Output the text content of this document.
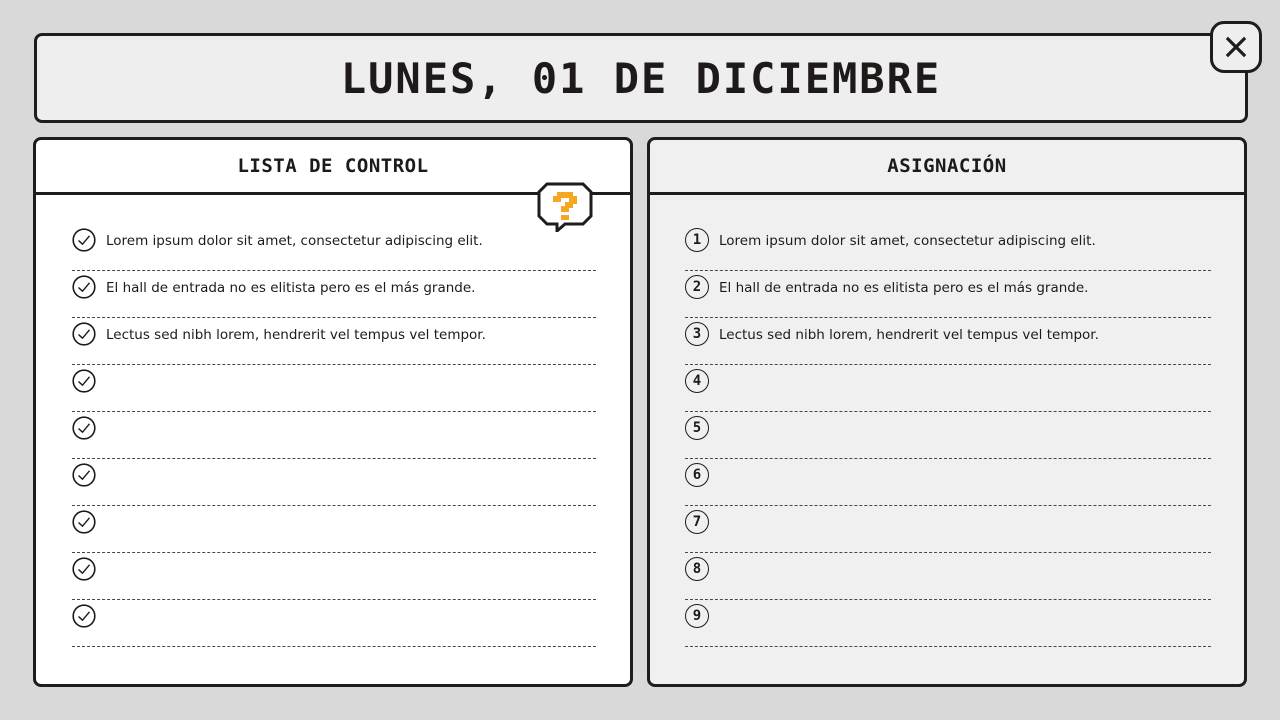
LUNES, 01 DE DICIEMBRE
LISTA DE CONTROL
Lorem ipsum dolor sit amet, consectetur adipiscing elit.
El hall de entrada no es elitista pero es el más grande.
Lectus sed nibh lorem, hendrerit vel tempus vel tempor.
ASIGNACIÓN
1	Lorem ipsum dolor sit amet, consectetur adipiscing elit.
2	El hall de entrada no es elitista pero es el más grande.
3	Lectus sed nibh lorem, hendrerit vel tempus vel tempor.
4
5
6
7
8
9
